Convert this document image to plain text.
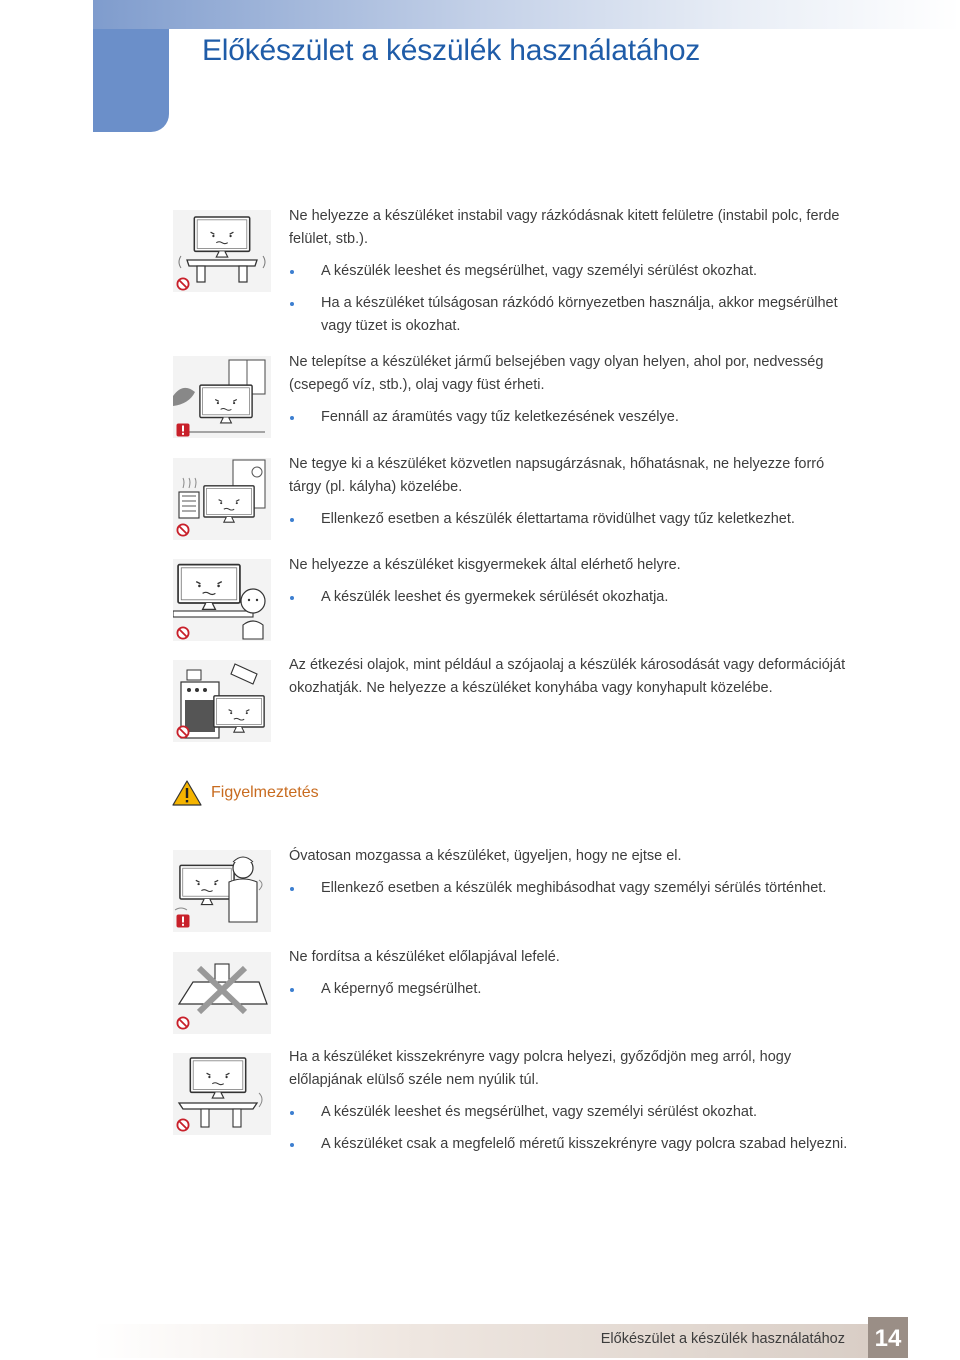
Előkészület a készülék használatához

Ne helyezze a készüléket instabil vagy rázkódásnak kitett felületre (instabil polc, ferde felület, stb.).

A készülék leeshet és megsérülhet, vagy személyi sérülést okozhat.
Ha a készüléket túlságosan rázkódó környezetben használja, akkor megsérülhet vagy tüzet is okozhat.

Ne telepítse a készüléket jármű belsejében vagy olyan helyen, ahol por, nedvesség (csepegő víz, stb.), olaj vagy füst érheti.

Fennáll az áramütés vagy tűz keletkezésének veszélye.

Ne tegye ki a készüléket közvetlen napsugárzásnak, hőhatásnak, ne helyezze forró tárgy (pl. kályha) közelébe.

Ellenkező esetben a készülék élettartama rövidülhet vagy tűz keletkezhet.

Ne helyezze a készüléket kisgyermekek által elérhető helyre.

A készülék leeshet és gyermekek sérülését okozhatja.

Az étkezési olajok, mint például a szójaolaj a készülék károsodását vagy deformációját okozhatják. Ne helyezze a készüléket konyhába vagy konyhapult közelébe.

Figyelmeztetés

Óvatosan mozgassa a készüléket, ügyeljen, hogy ne ejtse el.

Ellenkező esetben a készülék meghibásodhat vagy személyi sérülés történhet.

Ne fordítsa a készüléket előlapjával lefelé.

A képernyő megsérülhet.

Ha a készüléket kisszekrényre vagy polcra helyezi, győződjön meg arról, hogy előlapjának elülső széle nem nyúlik túl.

A készülék leeshet és megsérülhet, vagy személyi sérülést okozhat.
A készüléket csak a megfelelő méretű kisszekrényre vagy polcra szabad helyezni.
Előkészület a készülék használatához 14
